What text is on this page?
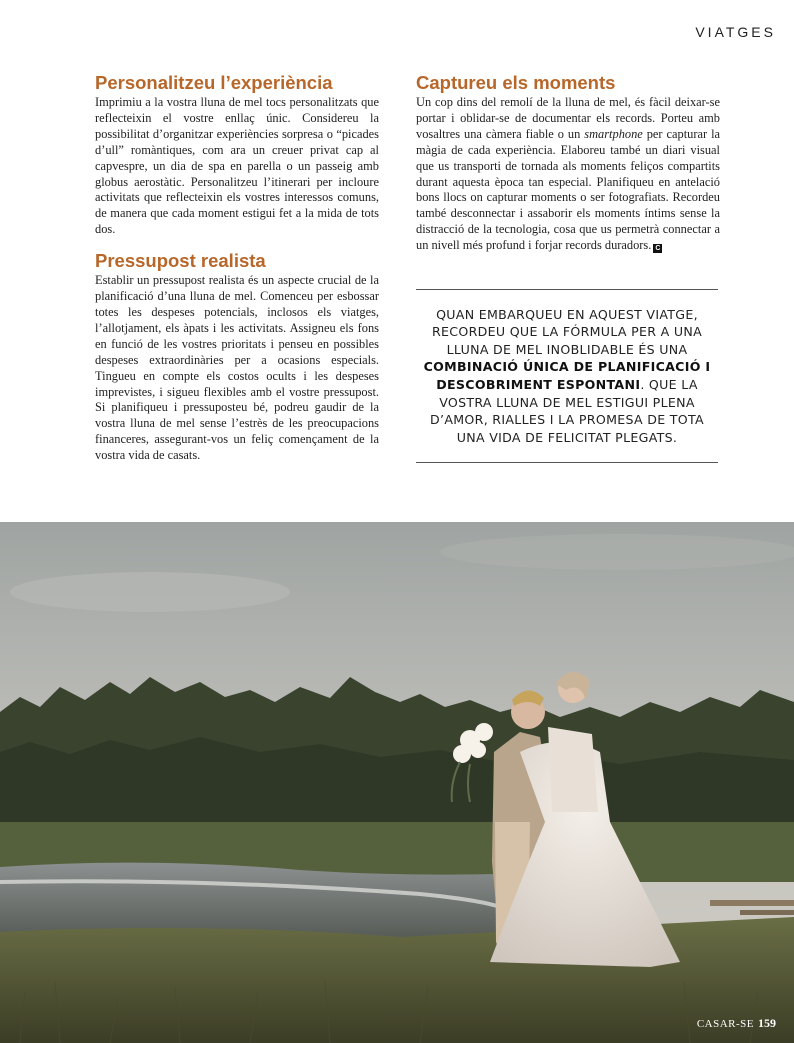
VIATGES
Personalitzeu l’experiència

Imprimiu a la vostra lluna de mel tocs personalitzats que reflecteixin el vostre enllaç únic. Considereu la possibilitat d’organitzar experiències sorpresa o “picades d’ull” romàntiques, com ara un creuer privat cap al capvespre, un dia de spa en parella o un passeig amb globus aerostàtic. Personalitzeu l’itinerari per incloure activitats que reflecteixin els vostres interessos comuns, de manera que cada moment estigui fet a la mida de tots dos.

Pressupost realista

Establir un pressupost realista és un aspecte crucial de la planificació d’una lluna de mel. Comenceu per esbossar totes les despeses potencials, inclosos els viatges, l’allotjament, els àpats i les activitats. Assigneu els fons en funció de les vostres prioritats i penseu en possibles despeses extraordinàries per a ocasions especials. Tingueu en compte els costos ocults i les despeses imprevistes, i sigueu flexibles amb el vostre pressupost. Si planifiqueu i pressuposteu bé, podreu gaudir de la vostra lluna de mel sense l’estrès de les preocupacions financeres, assegurant-vos un feliç començament de la vostra vida de casats.

Captureu els moments

Un cop dins del remolí de la lluna de mel, és fàcil deixar-se portar i oblidar-se de documentar els records. Porteu amb vosaltres una càmera fiable o un smartphone per capturar la màgia de cada experiència. Elaboreu també un diari visual que us transporti de tornada als moments feliços compartits durant aquesta època tan especial. Planifiqueu en antelació bons llocs on capturar moments o ser fotografiats. Recordeu també desconnectar i assaborir els moments íntims sense la distracció de la tecnologia, cosa que us permetrà connectar a un nivell més profund i forjar records duradors. C

QUAN EMBARQUEU EN AQUEST VIATGE, RECORDEU QUE LA FÓRMULA PER A UNA LLUNA DE MEL INOBLIDABLE ÉS UNA COMBINACIÓ ÚNICA DE PLANIFICACIÓ I DESCOBRIMENT ESPONTANI. QUE LA VOSTRA LLUNA DE MEL ESTIGUI PLENA D’AMOR, RIALLES I LA PROMESA DE TOTA UNA VIDA DE FELICITAT PLEGATS.

CASAR-SE 159
